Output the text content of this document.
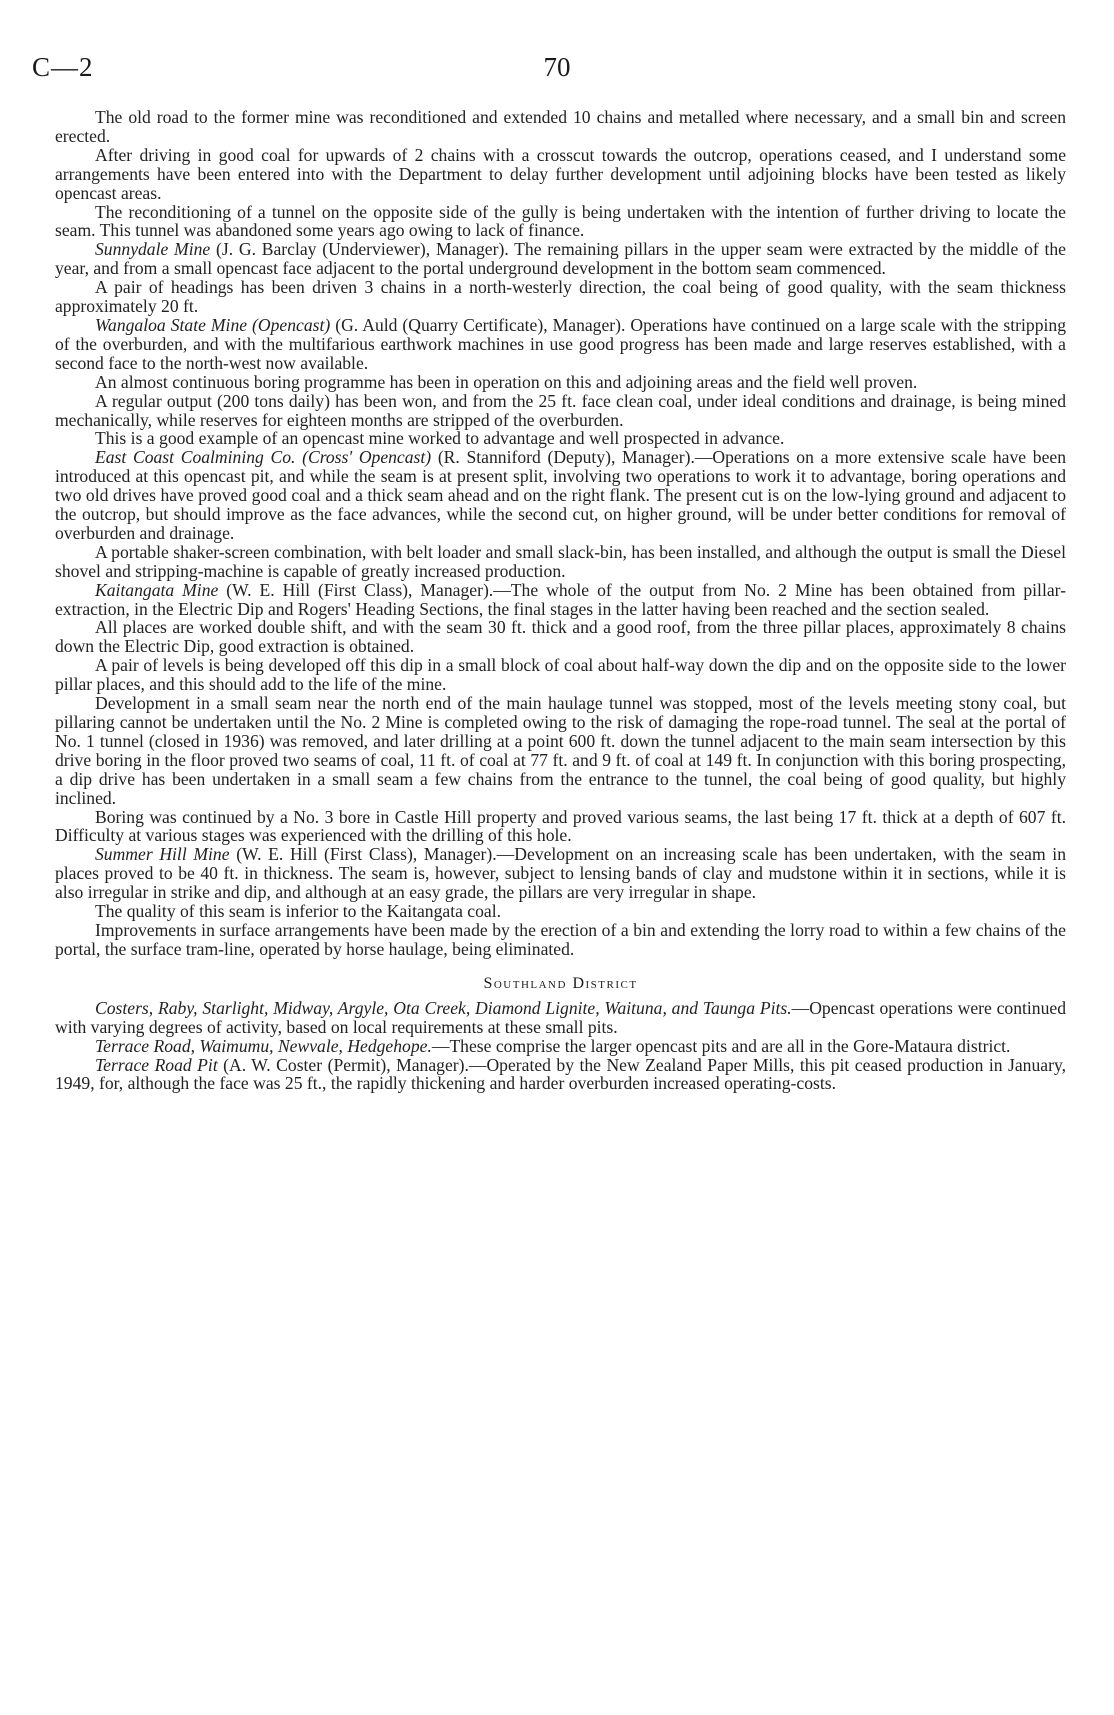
C—2	70

The old road to the former mine was reconditioned and extended 10 chains and metalled where necessary, and a small bin and screen erected.

After driving in good coal for upwards of 2 chains with a crosscut towards the outcrop, operations ceased, and I understand some arrangements have been entered into with the Department to delay further development until adjoining blocks have been tested as likely opencast areas.

The reconditioning of a tunnel on the opposite side of the gully is being undertaken with the intention of further driving to locate the seam. This tunnel was abandoned some years ago owing to lack of finance.

Sunnydale Mine (J. G. Barclay (Underviewer), Manager). The remaining pillars in the upper seam were extracted by the middle of the year, and from a small opencast face adjacent to the portal underground development in the bottom seam commenced.

A pair of headings has been driven 3 chains in a north-westerly direction, the coal being of good quality, with the seam thickness approximately 20 ft.

Wangaloa State Mine (Opencast) (G. Auld (Quarry Certificate), Manager). Operations have continued on a large scale with the stripping of the overburden, and with the multifarious earthwork machines in use good progress has been made and large reserves established, with a second face to the north-west now available.

An almost continuous boring programme has been in operation on this and adjoining areas and the field well proven.

A regular output (200 tons daily) has been won, and from the 25 ft. face clean coal, under ideal conditions and drainage, is being mined mechanically, while reserves for eighteen months are stripped of the overburden.

This is a good example of an opencast mine worked to advantage and well prospected in advance.

East Coast Coalmining Co. (Cross' Opencast) (R. Stanniford (Deputy), Manager).—Operations on a more extensive scale have been introduced at this opencast pit, and while the seam is at present split, involving two operations to work it to advantage, boring operations and two old drives have proved good coal and a thick seam ahead and on the right flank. The present cut is on the low-lying ground and adjacent to the outcrop, but should improve as the face advances, while the second cut, on higher ground, will be under better conditions for removal of overburden and drainage.

A portable shaker-screen combination, with belt loader and small slack-bin, has been installed, and although the output is small the Diesel shovel and stripping-machine is capable of greatly increased production.

Kaitangata Mine (W. E. Hill (First Class), Manager).—The whole of the output from No. 2 Mine has been obtained from pillar-extraction, in the Electric Dip and Rogers' Heading Sections, the final stages in the latter having been reached and the section sealed.

All places are worked double shift, and with the seam 30 ft. thick and a good roof, from the three pillar places, approximately 8 chains down the Electric Dip, good extraction is obtained.

A pair of levels is being developed off this dip in a small block of coal about half-way down the dip and on the opposite side to the lower pillar places, and this should add to the life of the mine.

Development in a small seam near the north end of the main haulage tunnel was stopped, most of the levels meeting stony coal, but pillaring cannot be undertaken until the No. 2 Mine is completed owing to the risk of damaging the rope-road tunnel. The seal at the portal of No. 1 tunnel (closed in 1936) was removed, and later drilling at a point 600 ft. down the tunnel adjacent to the main seam intersection by this drive boring in the floor proved two seams of coal, 11 ft. of coal at 77 ft. and 9 ft. of coal at 149 ft. In conjunction with this boring prospecting, a dip drive has been undertaken in a small seam a few chains from the entrance to the tunnel, the coal being of good quality, but highly inclined.

Boring was continued by a No. 3 bore in Castle Hill property and proved various seams, the last being 17 ft. thick at a depth of 607 ft. Difficulty at various stages was experienced with the drilling of this hole.

Summer Hill Mine (W. E. Hill (First Class), Manager).—Development on an increasing scale has been undertaken, with the seam in places proved to be 40 ft. in thickness. The seam is, however, subject to lensing bands of clay and mudstone within it in sections, while it is also irregular in strike and dip, and although at an easy grade, the pillars are very irregular in shape.

The quality of this seam is inferior to the Kaitangata coal.

Improvements in surface arrangements have been made by the erection of a bin and extending the lorry road to within a few chains of the portal, the surface tram-line, operated by horse haulage, being eliminated.

Southland District

Costers, Raby, Starlight, Midway, Argyle, Ota Creek, Diamond Lignite, Waituna, and Taunga Pits.—Opencast operations were continued with varying degrees of activity, based on local requirements at these small pits.

Terrace Road, Waimumu, Newvale, Hedgehope.—These comprise the larger opencast pits and are all in the Gore-Mataura district.

Terrace Road Pit (A. W. Coster (Permit), Manager).—Operated by the New Zealand Paper Mills, this pit ceased production in January, 1949, for, although the face was 25 ft., the rapidly thickening and harder overburden increased operating-costs.
